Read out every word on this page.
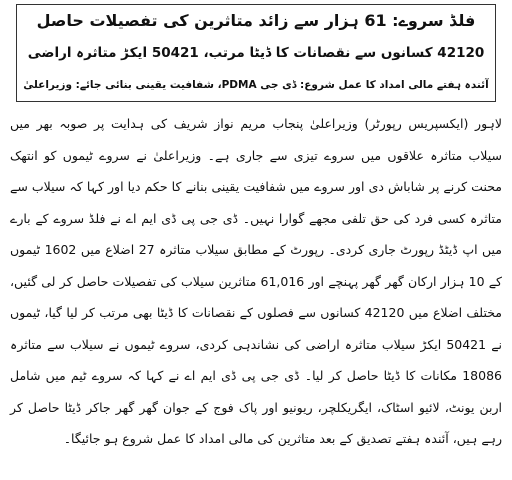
فلڈ سروے: 61 ہزار سے زائد متاثرین کی تفصیلات حاصل
42120 کسانوں سے نقصانات کا ڈیٹا مرتب، 50421 ایکڑ متاثرہ اراضی
آئندہ ہفتے مالی امداد کا عمل شروع: ڈی جی PDMA، شفافیت یقینی بنائی جائے: وزیراعلیٰ

لاہور (ایکسپریس رپورٹر) وزیراعلیٰ پنجاب مریم نواز شریف کی ہدایت پر صوبہ بھر میں سیلاب متاثرہ علاقوں میں سروے تیزی سے جاری ہے۔ وزیراعلیٰ نے سروے ٹیموں کو انتھک محنت کرنے پر شاباش دی اور سروے میں شفافیت یقینی بنانے کا حکم دیا اور کہا کہ سیلاب سے متاثرہ کسی فرد کی حق تلفی مجھے گوارا نہیں۔ ڈی جی پی ڈی ایم اے نے فلڈ سروے کے بارے میں اپ ڈیٹڈ رپورٹ جاری کردی۔ رپورٹ کے مطابق سیلاب متاثرہ 27 اضلاع میں 1602 ٹیموں کے 10 ہزار ارکان گھر گھر پہنچے اور 61,016 متاثرین سیلاب کی تفصیلات حاصل کر لی گئیں، مختلف اضلاع میں 42120 کسانوں سے فصلوں کے نقصانات کا ڈیٹا بھی مرتب کر لیا گیا، ٹیموں نے 50421 ایکڑ سیلاب متاثرہ اراضی کی نشاندہی کردی، سروے ٹیموں نے سیلاب سے متاثرہ 18086 مکانات کا ڈیٹا حاصل کر لیا۔ ڈی جی پی ڈی ایم اے نے کہا کہ سروے ٹیم میں شامل اربن یونٹ، لائیو اسٹاک، ایگریکلچر، ریونیو اور پاک فوج کے جوان گھر گھر جاکر ڈیٹا حاصل کر رہے ہیں، آئندہ ہفتے تصدیق کے بعد متاثرین کی مالی امداد کا عمل شروع ہو جائیگا۔
